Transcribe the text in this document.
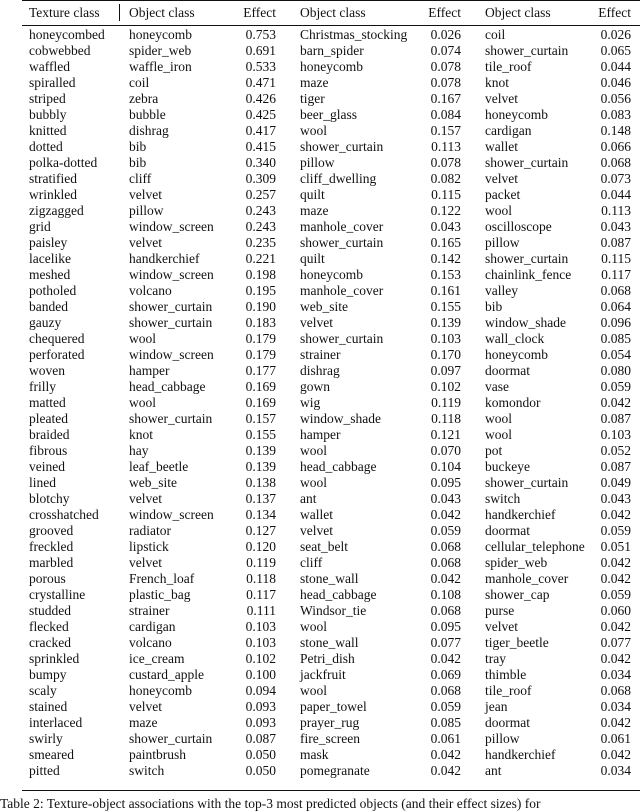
Texture class	Object class	Effect	Object class	Effect	Object class	Effect
honeycombed	honeycomb	0.753	Christmas_stocking	0.026	coil	0.026
cobwebbed	spider_web	0.691	barn_spider	0.074	shower_curtain	0.065
waffled	waffle_iron	0.533	honeycomb	0.078	tile_roof	0.044
spiralled	coil	0.471	maze	0.078	knot	0.046
striped	zebra	0.426	tiger	0.167	velvet	0.056
bubbly	bubble	0.425	beer_glass	0.084	honeycomb	0.083
knitted	dishrag	0.417	wool	0.157	cardigan	0.148
dotted	bib	0.415	shower_curtain	0.113	wallet	0.066
polka-dotted	bib	0.340	pillow	0.078	shower_curtain	0.068
stratified	cliff	0.309	cliff_dwelling	0.082	velvet	0.073
wrinkled	velvet	0.257	quilt	0.115	packet	0.044
zigzagged	pillow	0.243	maze	0.122	wool	0.113
grid	window_screen	0.243	manhole_cover	0.043	oscilloscope	0.043
paisley	velvet	0.235	shower_curtain	0.165	pillow	0.087
lacelike	handkerchief	0.221	quilt	0.142	shower_curtain	0.115
meshed	window_screen	0.198	honeycomb	0.153	chainlink_fence	0.117
potholed	volcano	0.195	manhole_cover	0.161	valley	0.068
banded	shower_curtain	0.190	web_site	0.155	bib	0.064
gauzy	shower_curtain	0.183	velvet	0.139	window_shade	0.096
chequered	wool	0.179	shower_curtain	0.103	wall_clock	0.085
perforated	window_screen	0.179	strainer	0.170	honeycomb	0.054
woven	hamper	0.177	dishrag	0.097	doormat	0.080
frilly	head_cabbage	0.169	gown	0.102	vase	0.059
matted	wool	0.169	wig	0.119	komondor	0.042
pleated	shower_curtain	0.157	window_shade	0.118	wool	0.087
braided	knot	0.155	hamper	0.121	wool	0.103
fibrous	hay	0.139	wool	0.070	pot	0.052
veined	leaf_beetle	0.139	head_cabbage	0.104	buckeye	0.087
lined	web_site	0.138	wool	0.095	shower_curtain	0.049
blotchy	velvet	0.137	ant	0.043	switch	0.043
crosshatched	window_screen	0.134	wallet	0.042	handkerchief	0.042
grooved	radiator	0.127	velvet	0.059	doormat	0.059
freckled	lipstick	0.120	seat_belt	0.068	cellular_telephone	0.051
marbled	velvet	0.119	cliff	0.068	spider_web	0.042
porous	French_loaf	0.118	stone_wall	0.042	manhole_cover	0.042
crystalline	plastic_bag	0.117	head_cabbage	0.108	shower_cap	0.059
studded	strainer	0.111	Windsor_tie	0.068	purse	0.060
flecked	cardigan	0.103	wool	0.095	velvet	0.042
cracked	volcano	0.103	stone_wall	0.077	tiger_beetle	0.077
sprinkled	ice_cream	0.102	Petri_dish	0.042	tray	0.042
bumpy	custard_apple	0.100	jackfruit	0.069	thimble	0.034
scaly	honeycomb	0.094	wool	0.068	tile_roof	0.068
stained	velvet	0.093	paper_towel	0.059	jean	0.034
interlaced	maze	0.093	prayer_rug	0.085	doormat	0.042
swirly	shower_curtain	0.087	fire_screen	0.061	pillow	0.061
smeared	paintbrush	0.050	mask	0.042	handkerchief	0.042
pitted	switch	0.050	pomegranate	0.042	ant	0.034
Table 2: Texture-object associations with the top-3 most predicted objects (and their effect sizes) for
